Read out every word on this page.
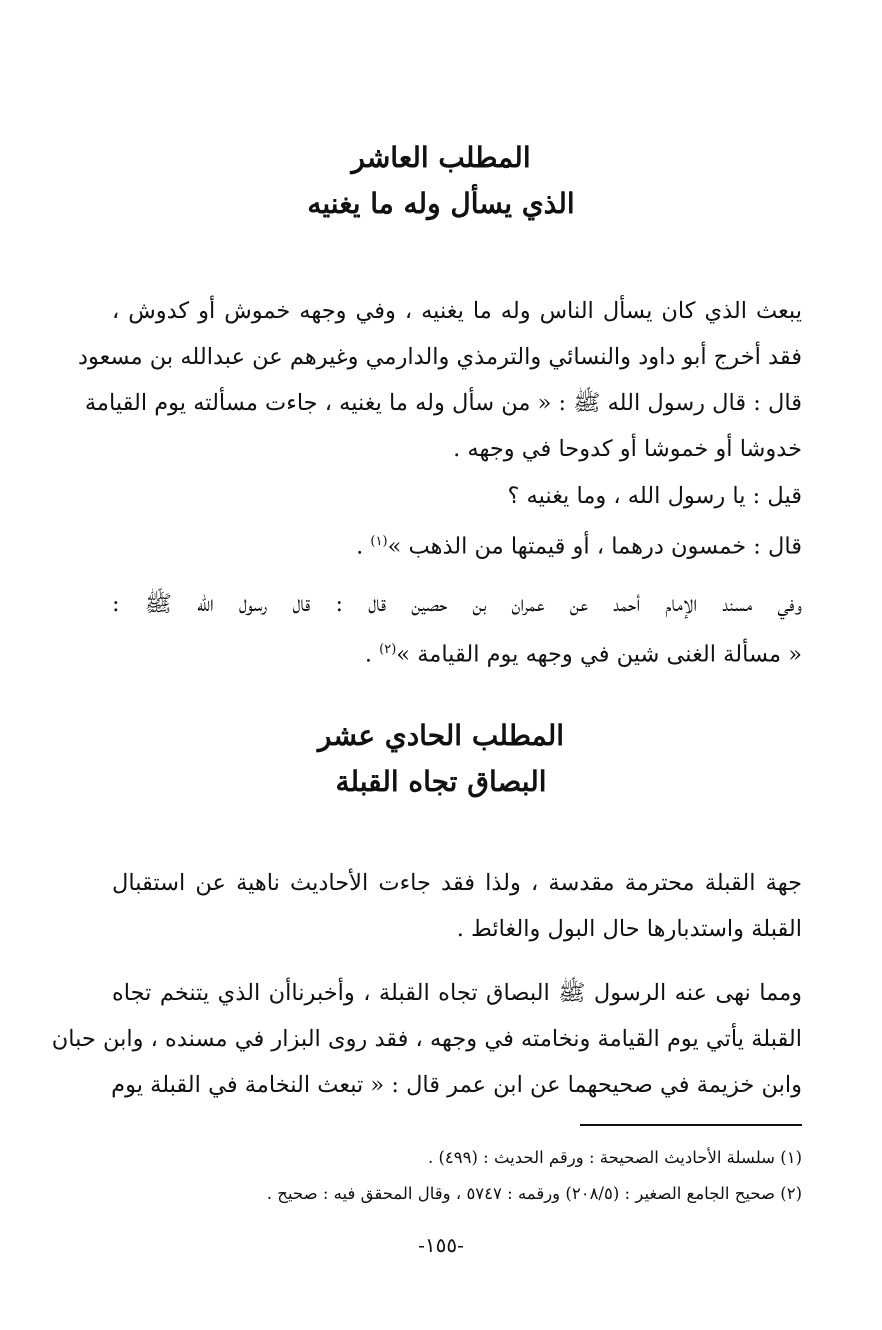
المطلب العاشر
الذي يسأل وله ما يغنيه

يبعث الذي كان يسأل الناس وله ما يغنيه ، وفي وجهه خموش أو كدوش ،

فقد أخرج أبو داود والنسائي والترمذي والدارمي وغيرهم عن عبدالله بن مسعود

قال : قال رسول الله ﷺ : « من سأل وله ما يغنيه ، جاءت مسألته يوم القيامة

خدوشا أو خموشا أو كدوحا في وجهه .

قيل : يا رسول الله ، وما يغنيه ؟

قال : خمسون درهما ، أو قيمتها من الذهب »$^{(١)}$ .

وفي مسند الإمام أحمد عن عمران بن حصين قال : قال رسول الله ﷺ :

« مسألة الغنى شين في وجهه يوم القيامة »$^{(٢)}$ .

المطلب الحادي عشر
البصاق تجاه القبلة

جهة القبلة محترمة مقدسة ، ولذا فقد جاءت الأحاديث ناهية عن استقبال

القبلة واستدبارها حال البول والغائط .

ومما نهى عنه الرسول ﷺ البصاق تجاه القبلة ، وأخبرناأن الذي يتنخم تجاه

القبلة يأتي يوم القيامة ونخامته في وجهه ، فقد روى البزار في مسنده ، وابن حبان

وابن خزيمة في صحيحهما عن ابن عمر قال : « تبعث النخامة في القبلة يوم

(١) سلسلة الأحاديث الصحيحة : ورقم الحديث : (٤٩٩) .

(٢) صحيح الجامع الصغير : (٢٠٨/٥) ورقمه : ٥٧٤٧ ، وقال المحقق فيه : صحيح .

-١٥٥-
